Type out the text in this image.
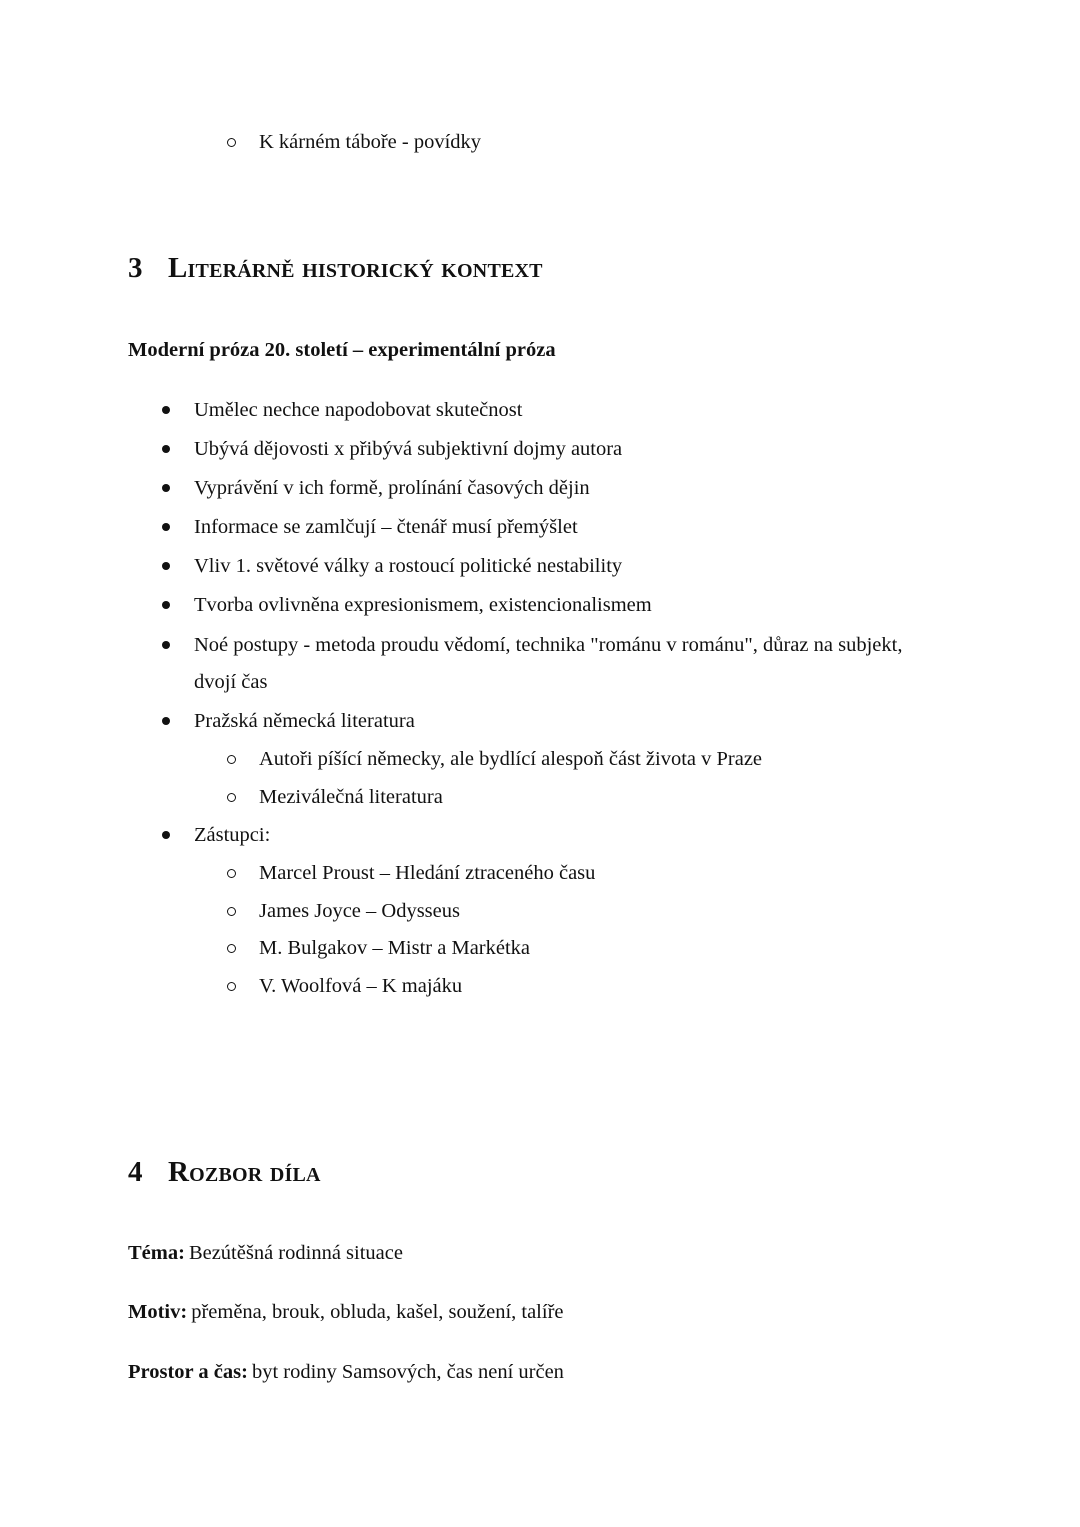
K kárném táboře - povídky
3 Literárně historický kontext
Moderní próza 20. století – experimentální próza
Umělec nechce napodobovat skutečnost
Ubývá dějovosti x přibývá subjektivní dojmy autora
Vyprávění v ich formě, prolínání časových dějin
Informace se zamlčují – čtenář musí přemýšlet
Vliv 1. světové války a rostoucí politické nestability
Tvorba ovlivněna expresionismem, existencionalismem
Noé postupy - metoda proudu vědomí, technika "románu v románu", důraz na subjekt,
dvojí čas
Pražská německá literatura
Autoři píšící německy, ale bydlící alespoň část života v Praze
Meziválečná literatura
Zástupci:
Marcel Proust – Hledání ztraceného času
James Joyce – Odysseus
M. Bulgakov – Mistr a Markétka
V. Woolfová – K majáku
4 Rozbor díla
Téma: Bezútěšná rodinná situace
Motiv: přeměna, brouk, obluda, kašel, soužení, talíře
Prostor a čas: byt rodiny Samsových, čas není určen
